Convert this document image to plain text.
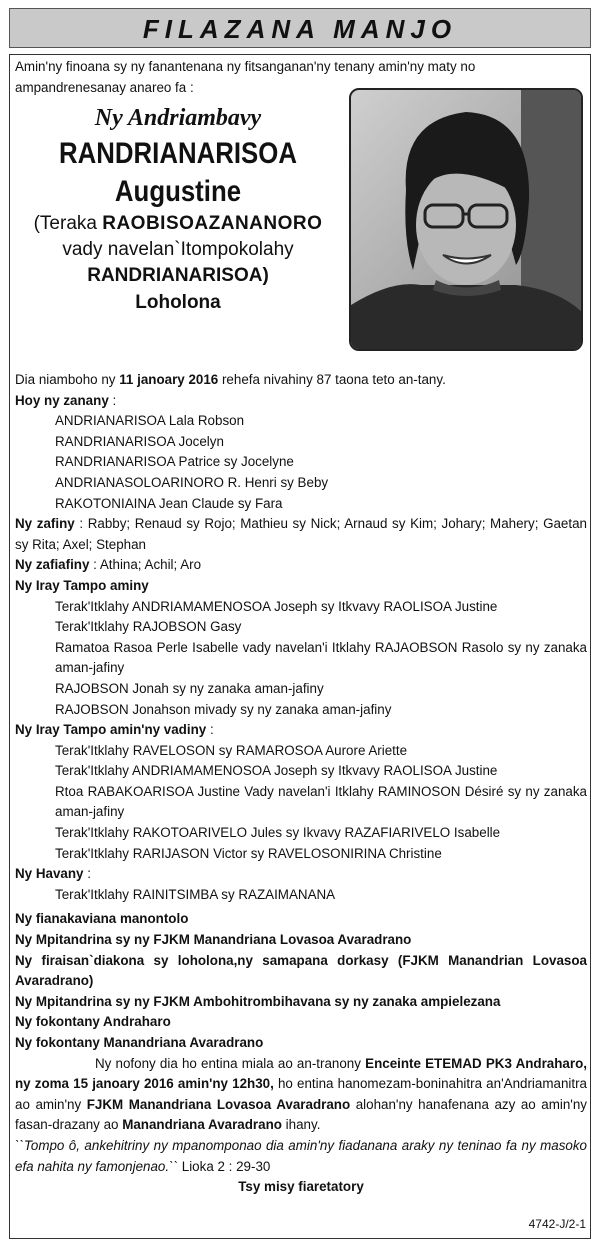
FILAZANA MANJO

Amin'ny finoana sy ny fanantenana ny fitsanganan'ny tenany amin'ny maty no ampandrenesanay anareo fa :

Ny Andriambavy
RANDRIANARISOA
Augustine
(Teraka RAOBISOAZANANORO
vady navelan`Itompokolahy
RANDRIANARISOA)
Loholona

Dia niamboho ny 11 janoary 2016 rehefa nivahiny 87 taona teto an-tany.

Hoy ny zanany :

ANDRIANARISOA Lala Robson

RANDRIANARISOA Jocelyn

RANDRIANARISOA Patrice sy Jocelyne

ANDRIANASOLOARINORO R. Henri sy Beby

RAKOTONIAINA Jean Claude sy Fara

Ny zafiny : Rabby; Renaud sy Rojo; Mathieu sy Nick; Arnaud sy Kim; Johary; Mahery; Gaetan sy Rita; Axel; Stephan

Ny zafiafiny : Athina; Achil; Aro

Ny Iray Tampo aminy

Terak'Itklahy ANDRIAMAMENOSOA Joseph sy Itkvavy RAOLISOA Justine

Terak'Itklahy RAJOBSON Gasy

Ramatoa Rasoa Perle Isabelle vady navelan'i Itklahy RAJAOBSON Rasolo sy ny zanaka aman-jafiny

RAJOBSON Jonah sy ny zanaka aman-jafiny

RAJOBSON Jonahson mivady sy ny zanaka aman-jafiny

Ny Iray Tampo amin'ny vadiny :

Terak'Itklahy RAVELOSON sy RAMAROSOA Aurore Ariette

Terak'Itklahy ANDRIAMAMENOSOA Joseph sy Itkvavy RAOLISOA Justine

Rtoa RABAKOARISOA Justine Vady navelan'i Itklahy RAMINOSON Désiré sy ny zanaka aman-jafiny

Terak'Itklahy RAKOTOARIVELO Jules sy Ikvavy RAZAFIARIVELO Isabelle

Terak'Itklahy RARIJASON Victor sy RAVELOSONIRINA Christine

Ny Havany :

Terak'Itklahy RAINITSIMBA sy RAZAIMANANA

Ny fianakaviana manontolo

Ny Mpitandrina sy ny FJKM Manandriana Lovasoa Avaradrano

Ny firaisan`diakona sy loholona,ny samapana dorkasy (FJKM Manandrian Lovasoa Avaradrano)

Ny Mpitandrina sy ny FJKM Ambohitrombihavana sy ny zanaka ampielezana

Ny fokontany Andraharo

Ny fokontany Manandriana Avaradrano

Ny nofony dia ho entina miala ao an-tranony Enceinte ETEMAD PK3 Andraharo, ny zoma 15 janoary 2016 amin'ny 12h30, ho entina hanomezam-boninahitra an'Andriamanitra ao amin'ny FJKM Manandriana Lovasoa Avaradrano alohan'ny hanafenana azy ao amin'ny fasan-drazany ao Manandriana Avaradrano ihany.

``Tompo ô, ankehitriny ny mpanomponao dia amin'ny fiadanana araky ny teninao fa ny masoko efa nahita ny famonjenao.`` Lioka 2 : 29-30

Tsy misy fiaretatory

4742-J/2-1
